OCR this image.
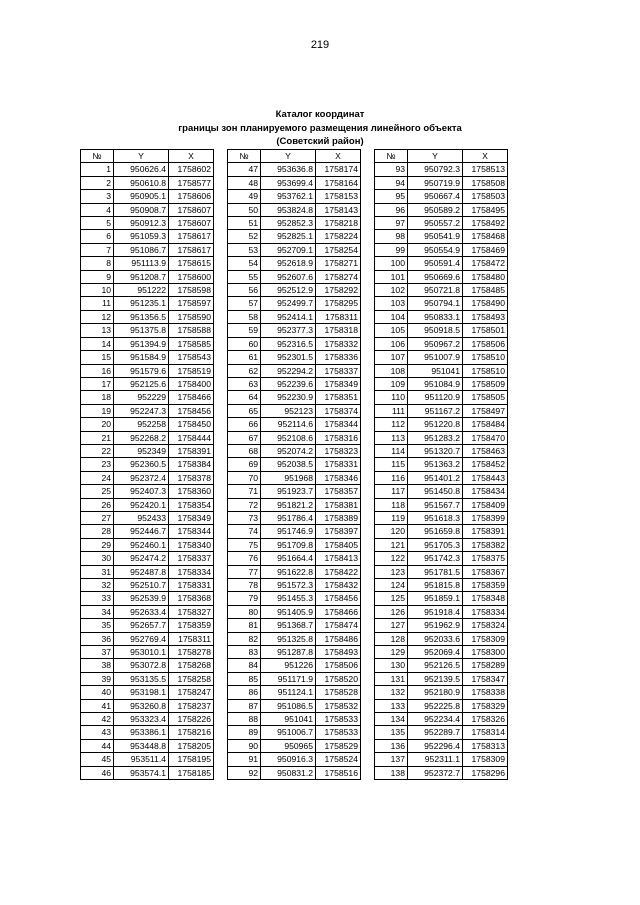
219
Каталог координат
границы зон планируемого размещения линейного объекта
(Советский район)
№	Y	X
1	950626.4	1758602
2	950610.8	1758577
3	950905.1	1758606
4	950908.7	1758607
5	950912.3	1758607
6	951059.3	1758617
7	951086.7	1758617
8	951113.9	1758615
9	951208.7	1758600
10	951222	1758598
11	951235.1	1758597
12	951356.5	1758590
13	951375.8	1758588
14	951394.9	1758585
15	951584.9	1758543
16	951579.6	1758519
17	952125.6	1758400
18	952229	1758466
19	952247.3	1758456
20	952258	1758450
21	952268.2	1758444
22	952349	1758391
23	952360.5	1758384
24	952372.4	1758378
25	952407.3	1758360
26	952420.1	1758354
27	952433	1758349
28	952446.7	1758344
29	952460.1	1758340
30	952474.2	1758337
31	952487.8	1758334
32	952510.7	1758331
33	952539.9	1758368
34	952633.4	1758327
35	952657.7	1758359
36	952769.4	1758311
37	953010.1	1758278
38	953072.8	1758268
39	953135.5	1758258
40	953198.1	1758247
41	953260.8	1758237
42	953323.4	1758226
43	953386.1	1758216
44	953448.8	1758205
45	953511.4	1758195
46	953574.1	1758185
№	Y	X
47	953636.8	1758174
48	953699.4	1758164
49	953762.1	1758153
50	953824.8	1758143
51	952852.3	1758218
52	952825.1	1758224
53	952709.1	1758254
54	952618.9	1758271
55	952607.6	1758274
56	952512.9	1758292
57	952499.7	1758295
58	952414.1	1758311
59	952377.3	1758318
60	952316.5	1758332
61	952301.5	1758336
62	952294.2	1758337
63	952239.6	1758349
64	952230.9	1758351
65	952123	1758374
66	952114.6	1758344
67	952108.6	1758316
68	952074.2	1758323
69	952038.5	1758331
70	951968	1758346
71	951923.7	1758357
72	951821.2	1758381
73	951786.4	1758389
74	951746.9	1758397
75	951709.8	1758405
76	951664.4	1758413
77	951622.8	1758422
78	951572.3	1758432
79	951455.3	1758456
80	951405.9	1758466
81	951368.7	1758474
82	951325.8	1758486
83	951287.8	1758493
84	951226	1758506
85	951171.9	1758520
86	951124.1	1758528
87	951086.5	1758532
88	951041	1758533
89	951006.7	1758533
90	950965	1758529
91	950916.3	1758524
92	950831.2	1758516
№	Y	X
93	950792.3	1758513
94	950719.9	1758508
95	950667.4	1758503
96	950589.2	1758495
97	950557.2	1758492
98	950541.9	1758468
99	950554.9	1758469
100	950591.4	1758472
101	950669.6	1758480
102	950721.8	1758485
103	950794.1	1758490
104	950833.1	1758493
105	950918.5	1758501
106	950967.2	1758506
107	951007.9	1758510
108	951041	1758510
109	951084.9	1758509
110	951120.9	1758505
111	951167.2	1758497
112	951220.8	1758484
113	951283.2	1758470
114	951320.7	1758463
115	951363.2	1758452
116	951401.2	1758443
117	951450.8	1758434
118	951567.7	1758409
119	951618.3	1758399
120	951659.8	1758391
121	951705.3	1758382
122	951742.3	1758375
123	951781.5	1758367
124	951815.8	1758359
125	951859.1	1758348
126	951918.4	1758334
127	951962.9	1758324
128	952033.6	1758309
129	952069.4	1758300
130	952126.5	1758289
131	952139.5	1758347
132	952180.9	1758338
133	952225.8	1758329
134	952234.4	1758326
135	952289.7	1758314
136	952296.4	1758313
137	952311.1	1758309
138	952372.7	1758296
